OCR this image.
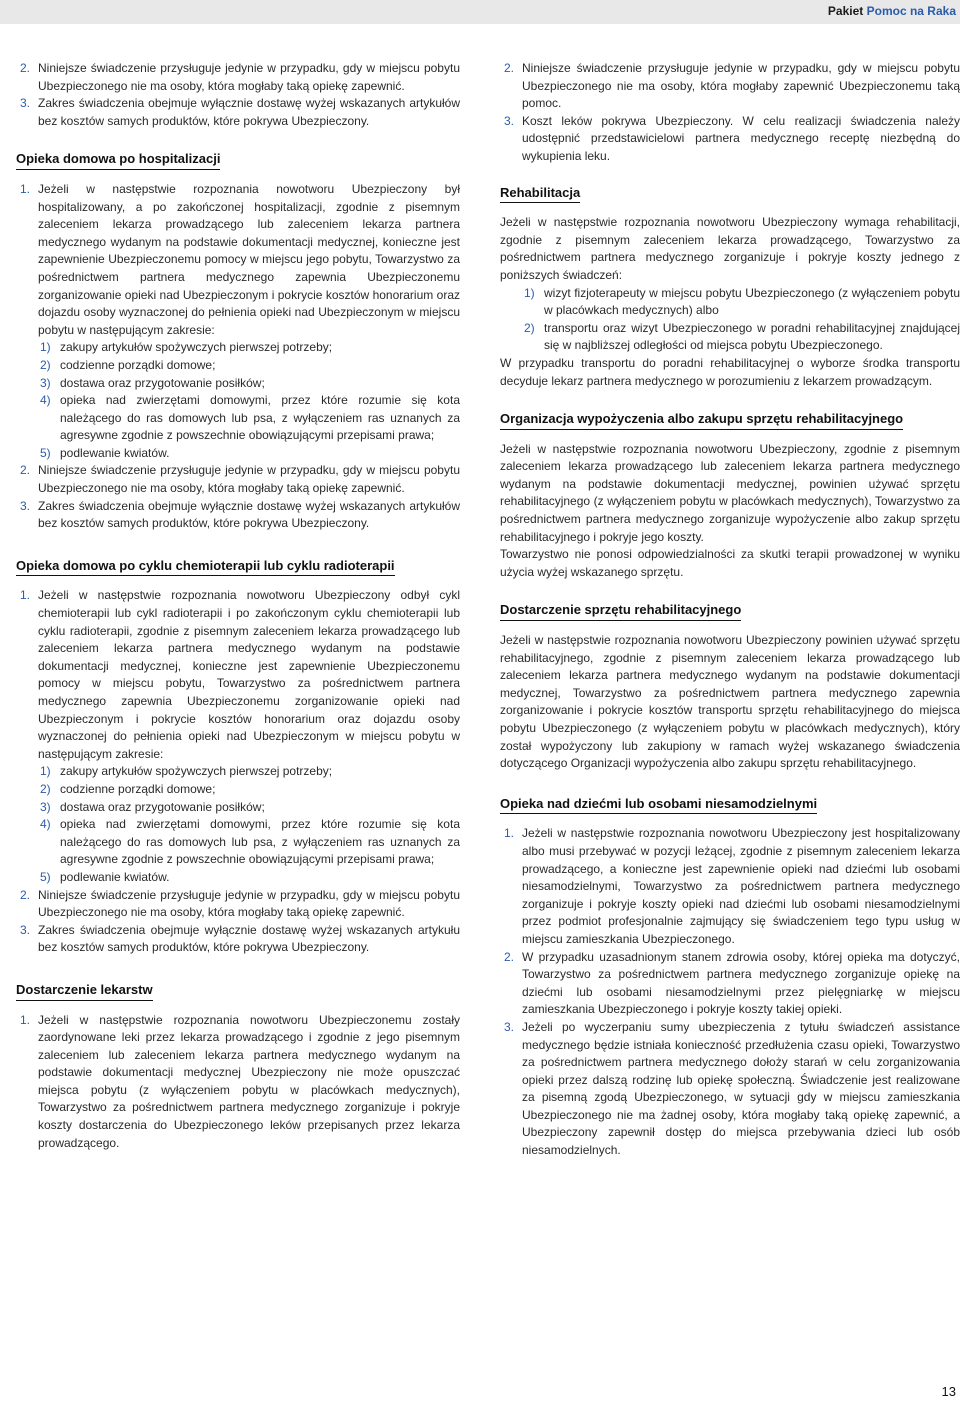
Pakiet Pomoc na Raka

2. Niniejsze świadczenie przysługuje jedynie w przypadku, gdy w miejscu pobytu Ubezpieczonego nie ma osoby, która mogłaby taką opiekę zapewnić.

3. Zakres świadczenia obejmuje wyłącznie dostawę wyżej wskazanych artykułów bez kosztów samych produktów, które pokrywa Ubezpieczony.

Opieka domowa po hospitalizacji

1. Jeżeli w następstwie rozpoznania nowotworu Ubezpieczony był hospitalizowany, a po zakończonej hospitalizacji, zgodnie z pisemnym zaleceniem lekarza prowadzącego lub zaleceniem lekarza partnera medycznego wydanym na podstawie dokumentacji medycznej, konieczne jest zapewnienie Ubezpieczonemu pomocy w miejscu jego pobytu, Towarzystwo za pośrednictwem partnera medycznego zapewnia Ubezpieczonemu zorganizowanie opieki nad Ubezpieczonym i pokrycie kosztów honorarium oraz dojazdu osoby wyznaczonej do pełnienia opieki nad Ubezpieczonym w miejscu pobytu w następującym zakresie:

1) zakupy artykułów spożywczych pierwszej potrzeby;

2) codzienne porządki domowe;

3) dostawa oraz przygotowanie posiłków;

4) opieka nad zwierzętami domowymi, przez które rozumie się kota należącego do ras domowych lub psa, z wyłączeniem ras uznanych za agresywne zgodnie z powszechnie obowiązującymi przepisami prawa;

5) podlewanie kwiatów.

2. Niniejsze świadczenie przysługuje jedynie w przypadku, gdy w miejscu pobytu Ubezpieczonego nie ma osoby, która mogłaby taką opiekę zapewnić.

3. Zakres świadczenia obejmuje wyłącznie dostawę wyżej wskazanych artykułów bez kosztów samych produktów, które pokrywa Ubezpieczony.

Opieka domowa po cyklu chemioterapii lub cyklu radioterapii

1. Jeżeli w następstwie rozpoznania nowotworu Ubezpieczony odbył cykl chemioterapii lub cykl radioterapii i po zakończonym cyklu chemioterapii lub cyklu radioterapii, zgodnie z pisemnym zaleceniem lekarza prowadzącego lub zaleceniem lekarza partnera medycznego wydanym na podstawie dokumentacji medycznej, konieczne jest zapewnienie Ubezpieczonemu pomocy w miejscu pobytu, Towarzystwo za pośrednictwem partnera medycznego zapewnia Ubezpieczonemu zorganizowanie opieki nad Ubezpieczonym i pokrycie kosztów honorarium oraz dojazdu osoby wyznaczonej do pełnienia opieki nad Ubezpieczonym w miejscu pobytu w następującym zakresie:

1) zakupy artykułów spożywczych pierwszej potrzeby;

2) codzienne porządki domowe;

3) dostawa oraz przygotowanie posiłków;

4) opieka nad zwierzętami domowymi, przez które rozumie się kota należącego do ras domowych lub psa, z wyłączeniem ras uznanych za agresywne zgodnie z powszechnie obowiązującymi przepisami prawa;

5) podlewanie kwiatów.

2. Niniejsze świadczenie przysługuje jedynie w przypadku, gdy w miejscu pobytu Ubezpieczonego nie ma osoby, która mogłaby taką opiekę zapewnić.

3. Zakres świadczenia obejmuje wyłącznie dostawę wyżej wskazanych artykułu bez kosztów samych produktów, które pokrywa Ubezpieczony.

Dostarczenie lekarstw

1. Jeżeli w następstwie rozpoznania nowotworu Ubezpieczonemu zostały zaordynowane leki przez lekarza prowadzącego i zgodnie z jego pisemnym zaleceniem lub zaleceniem lekarza partnera medycznego wydanym na podstawie dokumentacji medycznej Ubezpieczony nie może opuszczać miejsca pobytu (z wyłączeniem pobytu w placówkach medycznych), Towarzystwo za pośrednictwem partnera medycznego zorganizuje i pokryje koszty dostarczenia do Ubezpieczonego leków przepisanych przez lekarza prowadzącego.

2. Niniejsze świadczenie przysługuje jedynie w przypadku, gdy w miejscu pobytu Ubezpieczonego nie ma osoby, która mogłaby zapewnić Ubezpieczonemu taką pomoc.

3. Koszt leków pokrywa Ubezpieczony. W celu realizacji świadczenia należy udostępnić przedstawicielowi partnera medycznego receptę niezbędną do wykupienia leku.

Rehabilitacja

Jeżeli w następstwie rozpoznania nowotworu Ubezpieczony wymaga rehabilitacji, zgodnie z pisemnym zaleceniem lekarza prowadzącego, Towarzystwo za pośrednictwem partnera medycznego zorganizuje i pokryje koszty jednego z poniższych świadczeń:

1) wizyt fizjoterapeuty w miejscu pobytu Ubezpieczonego (z wyłączeniem pobytu w placówkach medycznych) albo

2) transportu oraz wizyt Ubezpieczonego w poradni rehabilitacyjnej znajdującej się w najbliższej odległości od miejsca pobytu Ubezpieczonego.

W przypadku transportu do poradni rehabilitacyjnej o wyborze środka transportu decyduje lekarz partnera medycznego w porozumieniu z lekarzem prowadzącym.

Organizacja wypożyczenia albo zakupu sprzętu rehabilitacyjnego

Jeżeli w następstwie rozpoznania nowotworu Ubezpieczony, zgodnie z pisemnym zaleceniem lekarza prowadzącego lub zaleceniem lekarza partnera medycznego wydanym na podstawie dokumentacji medycznej, powinien używać sprzętu rehabilitacyjnego (z wyłączeniem pobytu w placówkach medycznych), Towarzystwo za pośrednictwem partnera medycznego zorganizuje wypożyczenie albo zakup sprzętu rehabilitacyjnego i pokryje jego koszty.

Towarzystwo nie ponosi odpowiedzialności za skutki terapii prowadzonej w wyniku użycia wyżej wskazanego sprzętu.

Dostarczenie sprzętu rehabilitacyjnego

Jeżeli w następstwie rozpoznania nowotworu Ubezpieczony powinien używać sprzętu rehabilitacyjnego, zgodnie z pisemnym zaleceniem lekarza prowadzącego lub zaleceniem lekarza partnera medycznego wydanym na podstawie dokumentacji medycznej, Towarzystwo za pośrednictwem partnera medycznego zapewnia zorganizowanie i pokrycie kosztów transportu sprzętu rehabilitacyjnego do miejsca pobytu Ubezpieczonego (z wyłączeniem pobytu w placówkach medycznych), który został wypożyczony lub zakupiony w ramach wyżej wskazanego świadczenia dotyczącego Organizacji wypożyczenia albo zakupu sprzętu rehabilitacyjnego.

Opieka nad dziećmi lub osobami niesamodzielnymi

1. Jeżeli w następstwie rozpoznania nowotworu Ubezpieczony jest hospitalizowany albo musi przebywać w pozycji leżącej, zgodnie z pisemnym zaleceniem lekarza prowadzącego, a konieczne jest zapewnienie opieki nad dziećmi lub osobami niesamodzielnymi, Towarzystwo za pośrednictwem partnera medycznego zorganizuje i pokryje koszty opieki nad dziećmi lub osobami niesamodzielnymi przez podmiot profesjonalnie zajmujący się świadczeniem tego typu usług w miejscu zamieszkania Ubezpieczonego.

2. W przypadku uzasadnionym stanem zdrowia osoby, której opieka ma dotyczyć, Towarzystwo za pośrednictwem partnera medycznego zorganizuje opiekę na dziećmi lub osobami niesamodzielnymi przez pielęgniarkę w miejscu zamieszkania Ubezpieczonego i pokryje koszty takiej opieki.

3. Jeżeli po wyczerpaniu sumy ubezpieczenia z tytułu świadczeń assistance medycznego będzie istniała konieczność przedłużenia czasu opieki, Towarzystwo za pośrednictwem partnera medycznego dołoży starań w celu zorganizowania opieki przez dalszą rodzinę lub opiekę społeczną. Świadczenie jest realizowane za pisemną zgodą Ubezpieczonego, w sytuacji gdy w miejscu zamieszkania Ubezpieczonego nie ma żadnej osoby, która mogłaby taką opiekę zapewnić, a Ubezpieczony zapewnił dostęp do miejsca przebywania dzieci lub osób niesamodzielnych.

13
